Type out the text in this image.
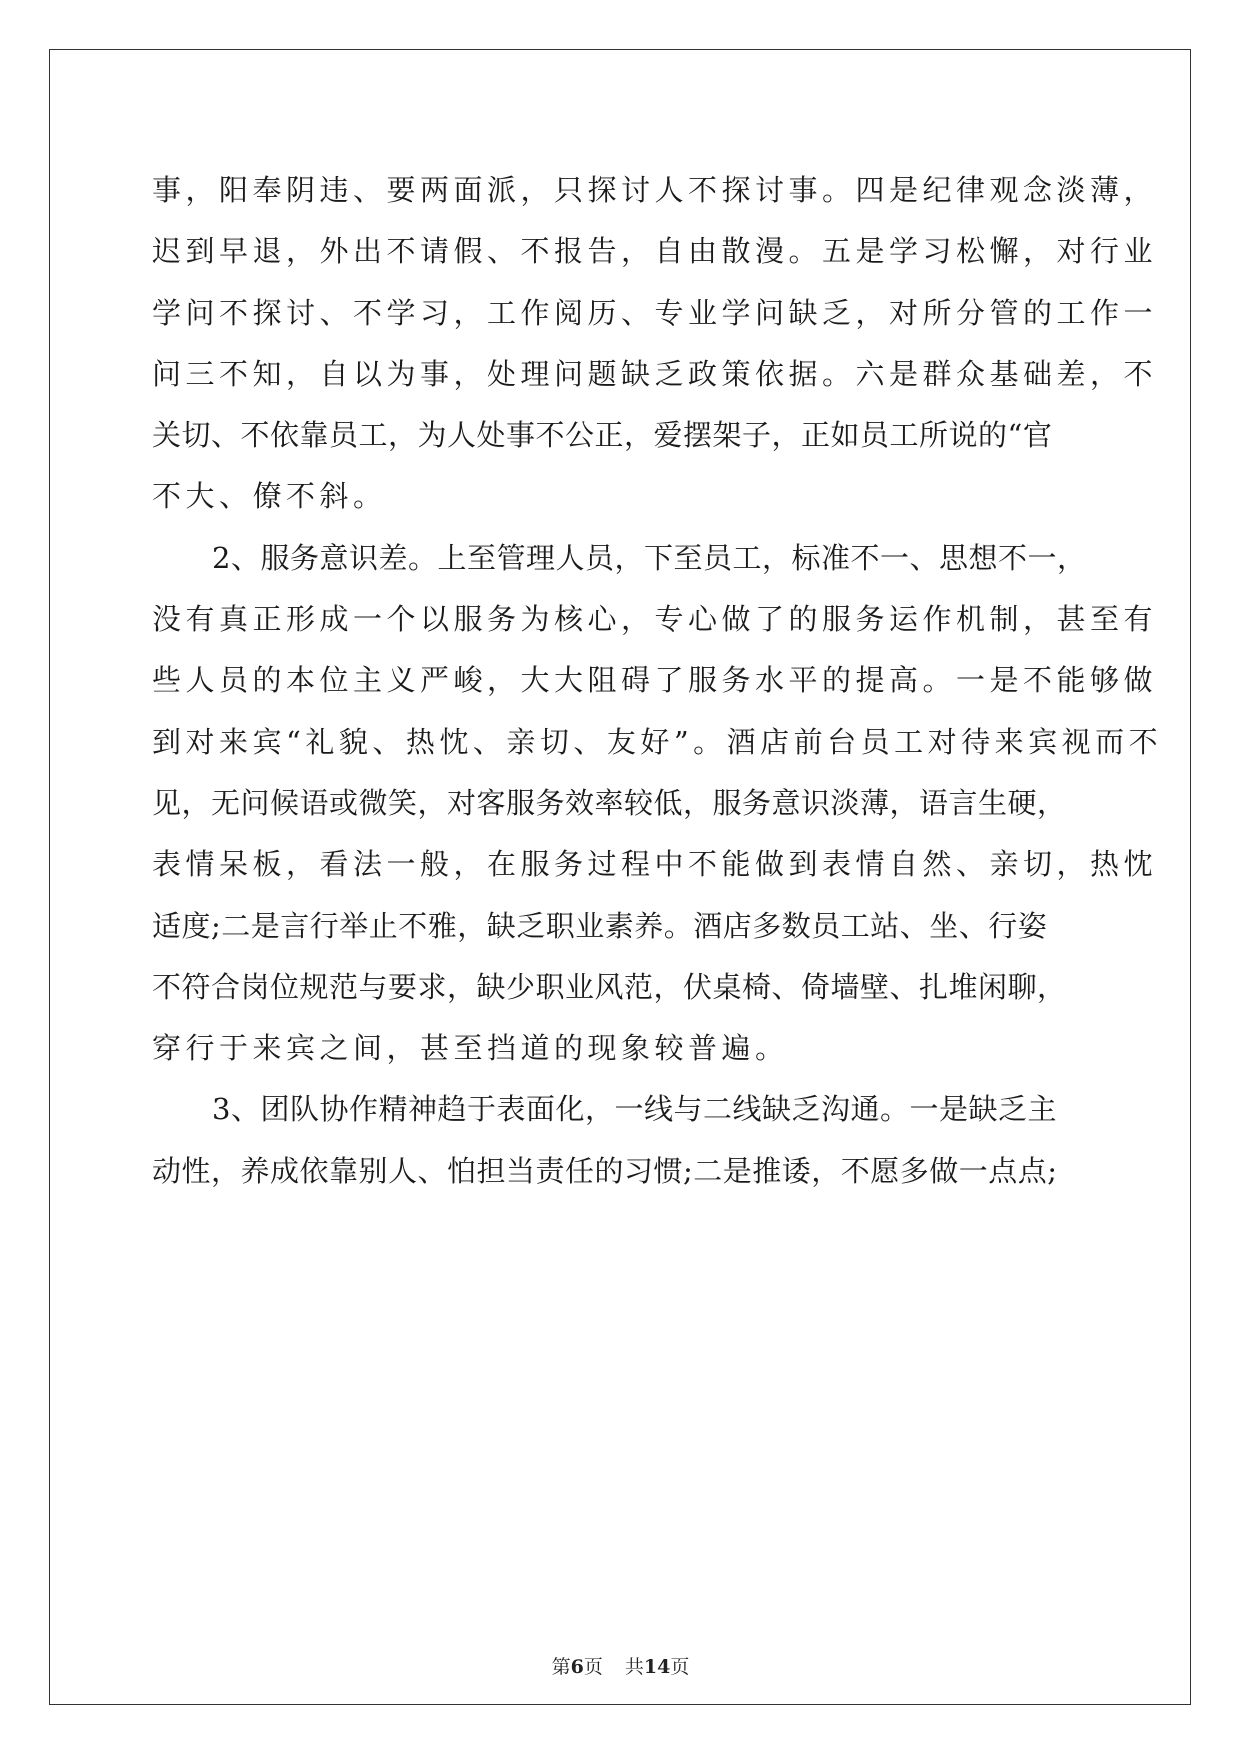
事，阳奉阴违、要两面派，只探讨人不探讨事。四是纪律观念淡薄，
迟到早退，外出不请假、不报告，自由散漫。五是学习松懈，对行业
学问不探讨、不学习，工作阅历、专业学问缺乏，对所分管的工作一
问三不知，自以为事，处理问题缺乏政策依据。六是群众基础差，不
关切、不依靠员工，为人处事不公正，爱摆架子，正如员工所说的“官
不大、僚不斜。
2、服务意识差。上至管理人员，下至员工，标准不一、思想不一，
没有真正形成一个以服务为核心，专心做了的服务运作机制，甚至有
些人员的本位主义严峻，大大阻碍了服务水平的提高。一是不能够做
到对来宾“礼貌、热忱、亲切、友好”。酒店前台员工对待来宾视而不
见，无问候语或微笑，对客服务效率较低，服务意识淡薄，语言生硬，
表情呆板，看法一般，在服务过程中不能做到表情自然、亲切，热忱
适度;二是言行举止不雅，缺乏职业素养。酒店多数员工站、坐、行姿
不符合岗位规范与要求，缺少职业风范，伏桌椅、倚墙壁、扎堆闲聊，
穿行于来宾之间，甚至挡道的现象较普遍。
3、团队协作精神趋于表面化，一线与二线缺乏沟通。一是缺乏主
动性，养成依靠别人、怕担当责任的习惯;二是推诿，不愿多做一点点;
第6页 共14页
